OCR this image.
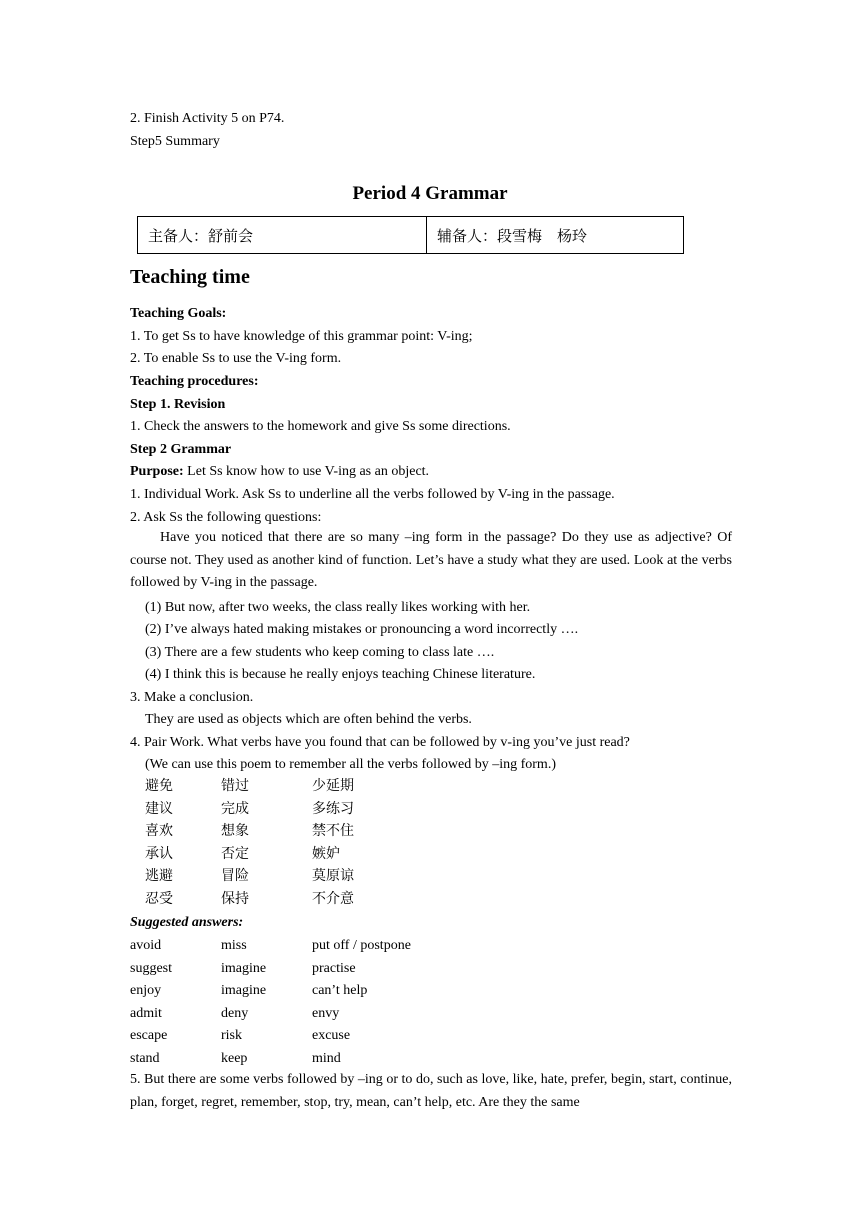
2. Finish Activity 5 on P74.
Step5 Summary
Period 4 Grammar
主备人：舒前会	辅备人：段雪梅　杨玲
Teaching time
Teaching Goals:
1. To get Ss to have knowledge of this grammar point: V-ing;
2. To enable Ss to use the V-ing form.
Teaching procedures:
Step 1. Revision
1. Check the answers to the homework and give Ss some directions.
Step 2 Grammar
Purpose: Let Ss know how to use V-ing as an object.
1. Individual Work. Ask Ss to underline all the verbs followed by V-ing in the passage.
2. Ask Ss the following questions:
Have you noticed that there are so many –ing form in the passage? Do they use as adjective? Of course not. They used as another kind of function. Let’s have a study what they are used. Look at the verbs followed by V-ing in the passage.
(1) But now, after two weeks, the class really likes working with her.
(2) I’ve always hated making mistakes or pronouncing a word incorrectly ….
(3) There are a few students who keep coming to class late ….
(4) I think this is because he really enjoys teaching Chinese literature.
3. Make a conclusion.
They are used as objects which are often behind the verbs.
4. Pair Work. What verbs have you found that can be followed by v-ing you’ve just read?
(We can use this poem to remember all the verbs followed by –ing form.)
避免	错过	少延期
建议	完成	多练习
喜欢	想象	禁不住
承认	否定	嫉妒
逃避	冒险	莫原谅
忍受	保持	不介意
Suggested answers:
avoid	miss	put off / postpone
suggest	imagine	practise
enjoy	imagine	can’t help
admit	deny	envy
escape	risk	excuse
stand	keep	mind
5. But there are some verbs followed by –ing or to do, such as love, like, hate, prefer, begin, start, continue, plan, forget, regret, remember, stop, try, mean, can’t help, etc. Are they the same
